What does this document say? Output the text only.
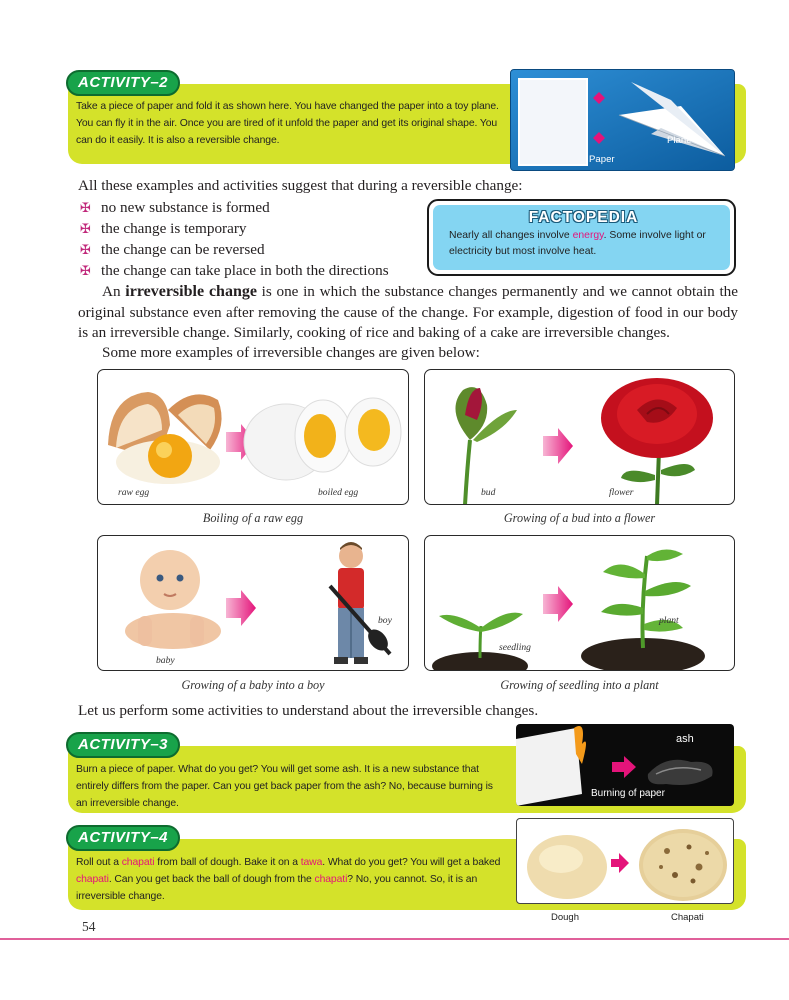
Take a piece of paper and fold it as shown here. You have changed the paper into a toy plane. You can fly it in the air. Once you are tired of it unfold the paper and get its original shape. You can do it easily. It is also a reversible change.

ACTIVITY–2
Paper
Plane
All these examples and activities suggest that during a reversible change:
✠ no new substance is formed
✠ the change is temporary
✠ the change can be reversed
✠ the change can take place in both the directions
FACTOPEDIA
Nearly all changes involve energy. Some involve light or electricity but most involve heat.
An irreversible change is one in which the substance changes permanently and we cannot obtain the original substance even after removing the cause of the change. For example, digestion of food in our body is an irreversible change. Similarly, cooking of rice and baking of a cake are irreversible changes.
Some more examples of irreversible changes are given below:
raw egg	boiled egg
Boiling of a raw egg
bud	flower
Growing of a bud into a flower
baby
boy
Growing of a baby into a boy
seedling
plant
Growing of seedling into a plant
Let us perform some activities to understand about the irreversible changes.

Burn a piece of paper. What do you get? You will get some ash. It is a new substance that entirely differs from the paper. Can you get back paper from the ash? No, because burning is an irreversible change.

ACTIVITY–3	ash
Burning of paper

Roll out a chapati from ball of dough. Bake it on a tawa. What do you get? You will get a baked chapati. Can you get back the ball of dough from the chapati? No, you cannot. So, it is an irreversible change.

ACTIVITY–4
Dough	Chapati
54
